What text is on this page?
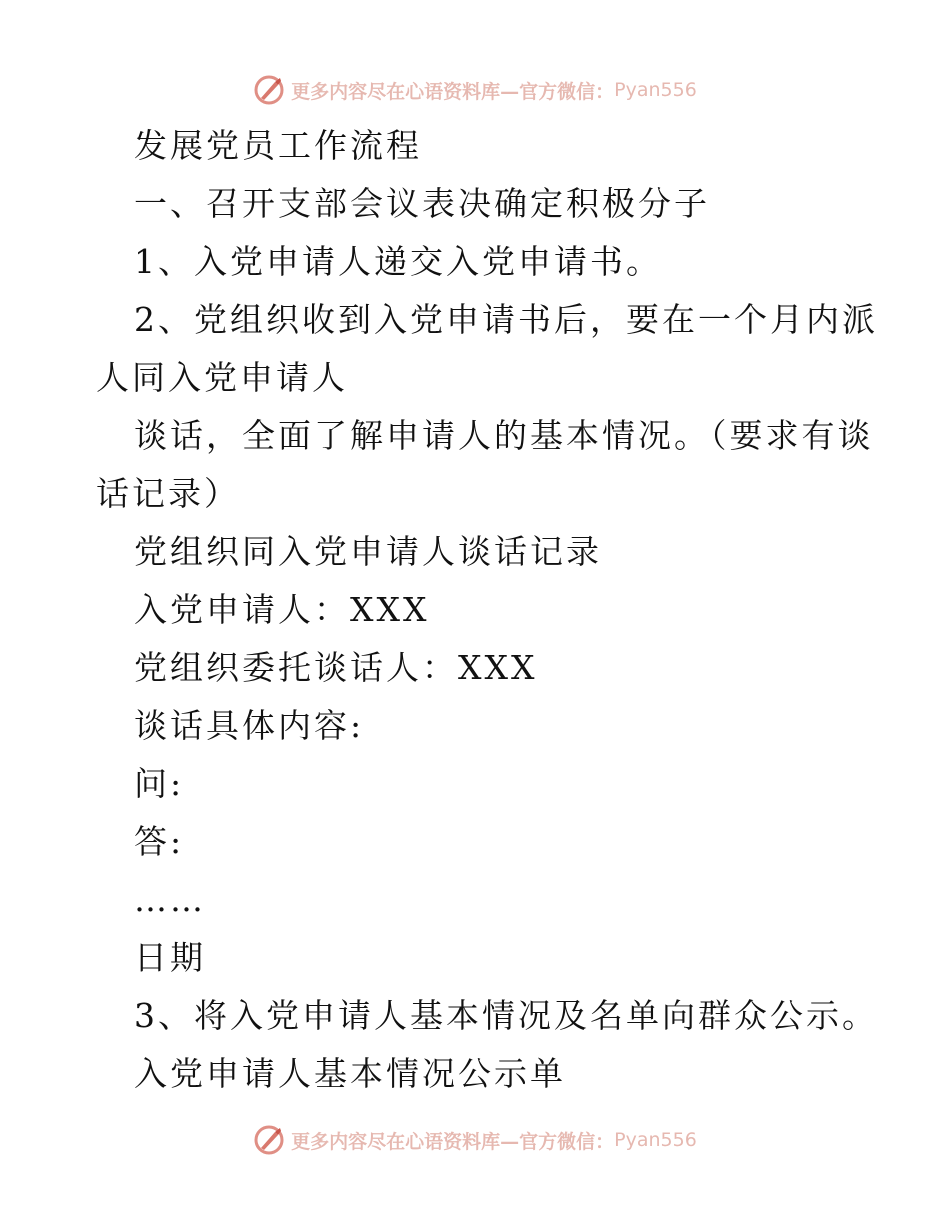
更多内容尽在心语资料库—官方微信： Pyan556
发展党员工作流程
一、召开支部会议表决确定积极分子
1、入党申请人递交入党申请书。
2、党组织收到入党申请书后，要在一个月内派
人同入党申请人
谈话，全面了解申请人的基本情况。（要求有谈
话记录）
党组织同入党申请人谈话记录
入党申请人：XXX
党组织委托谈话人：XXX
谈话具体内容:
问:
答:
……
日期
3、将入党申请人基本情况及名单向群众公示。
入党申请人基本情况公示单
更多内容尽在心语资料库—官方微信： Pyan556
